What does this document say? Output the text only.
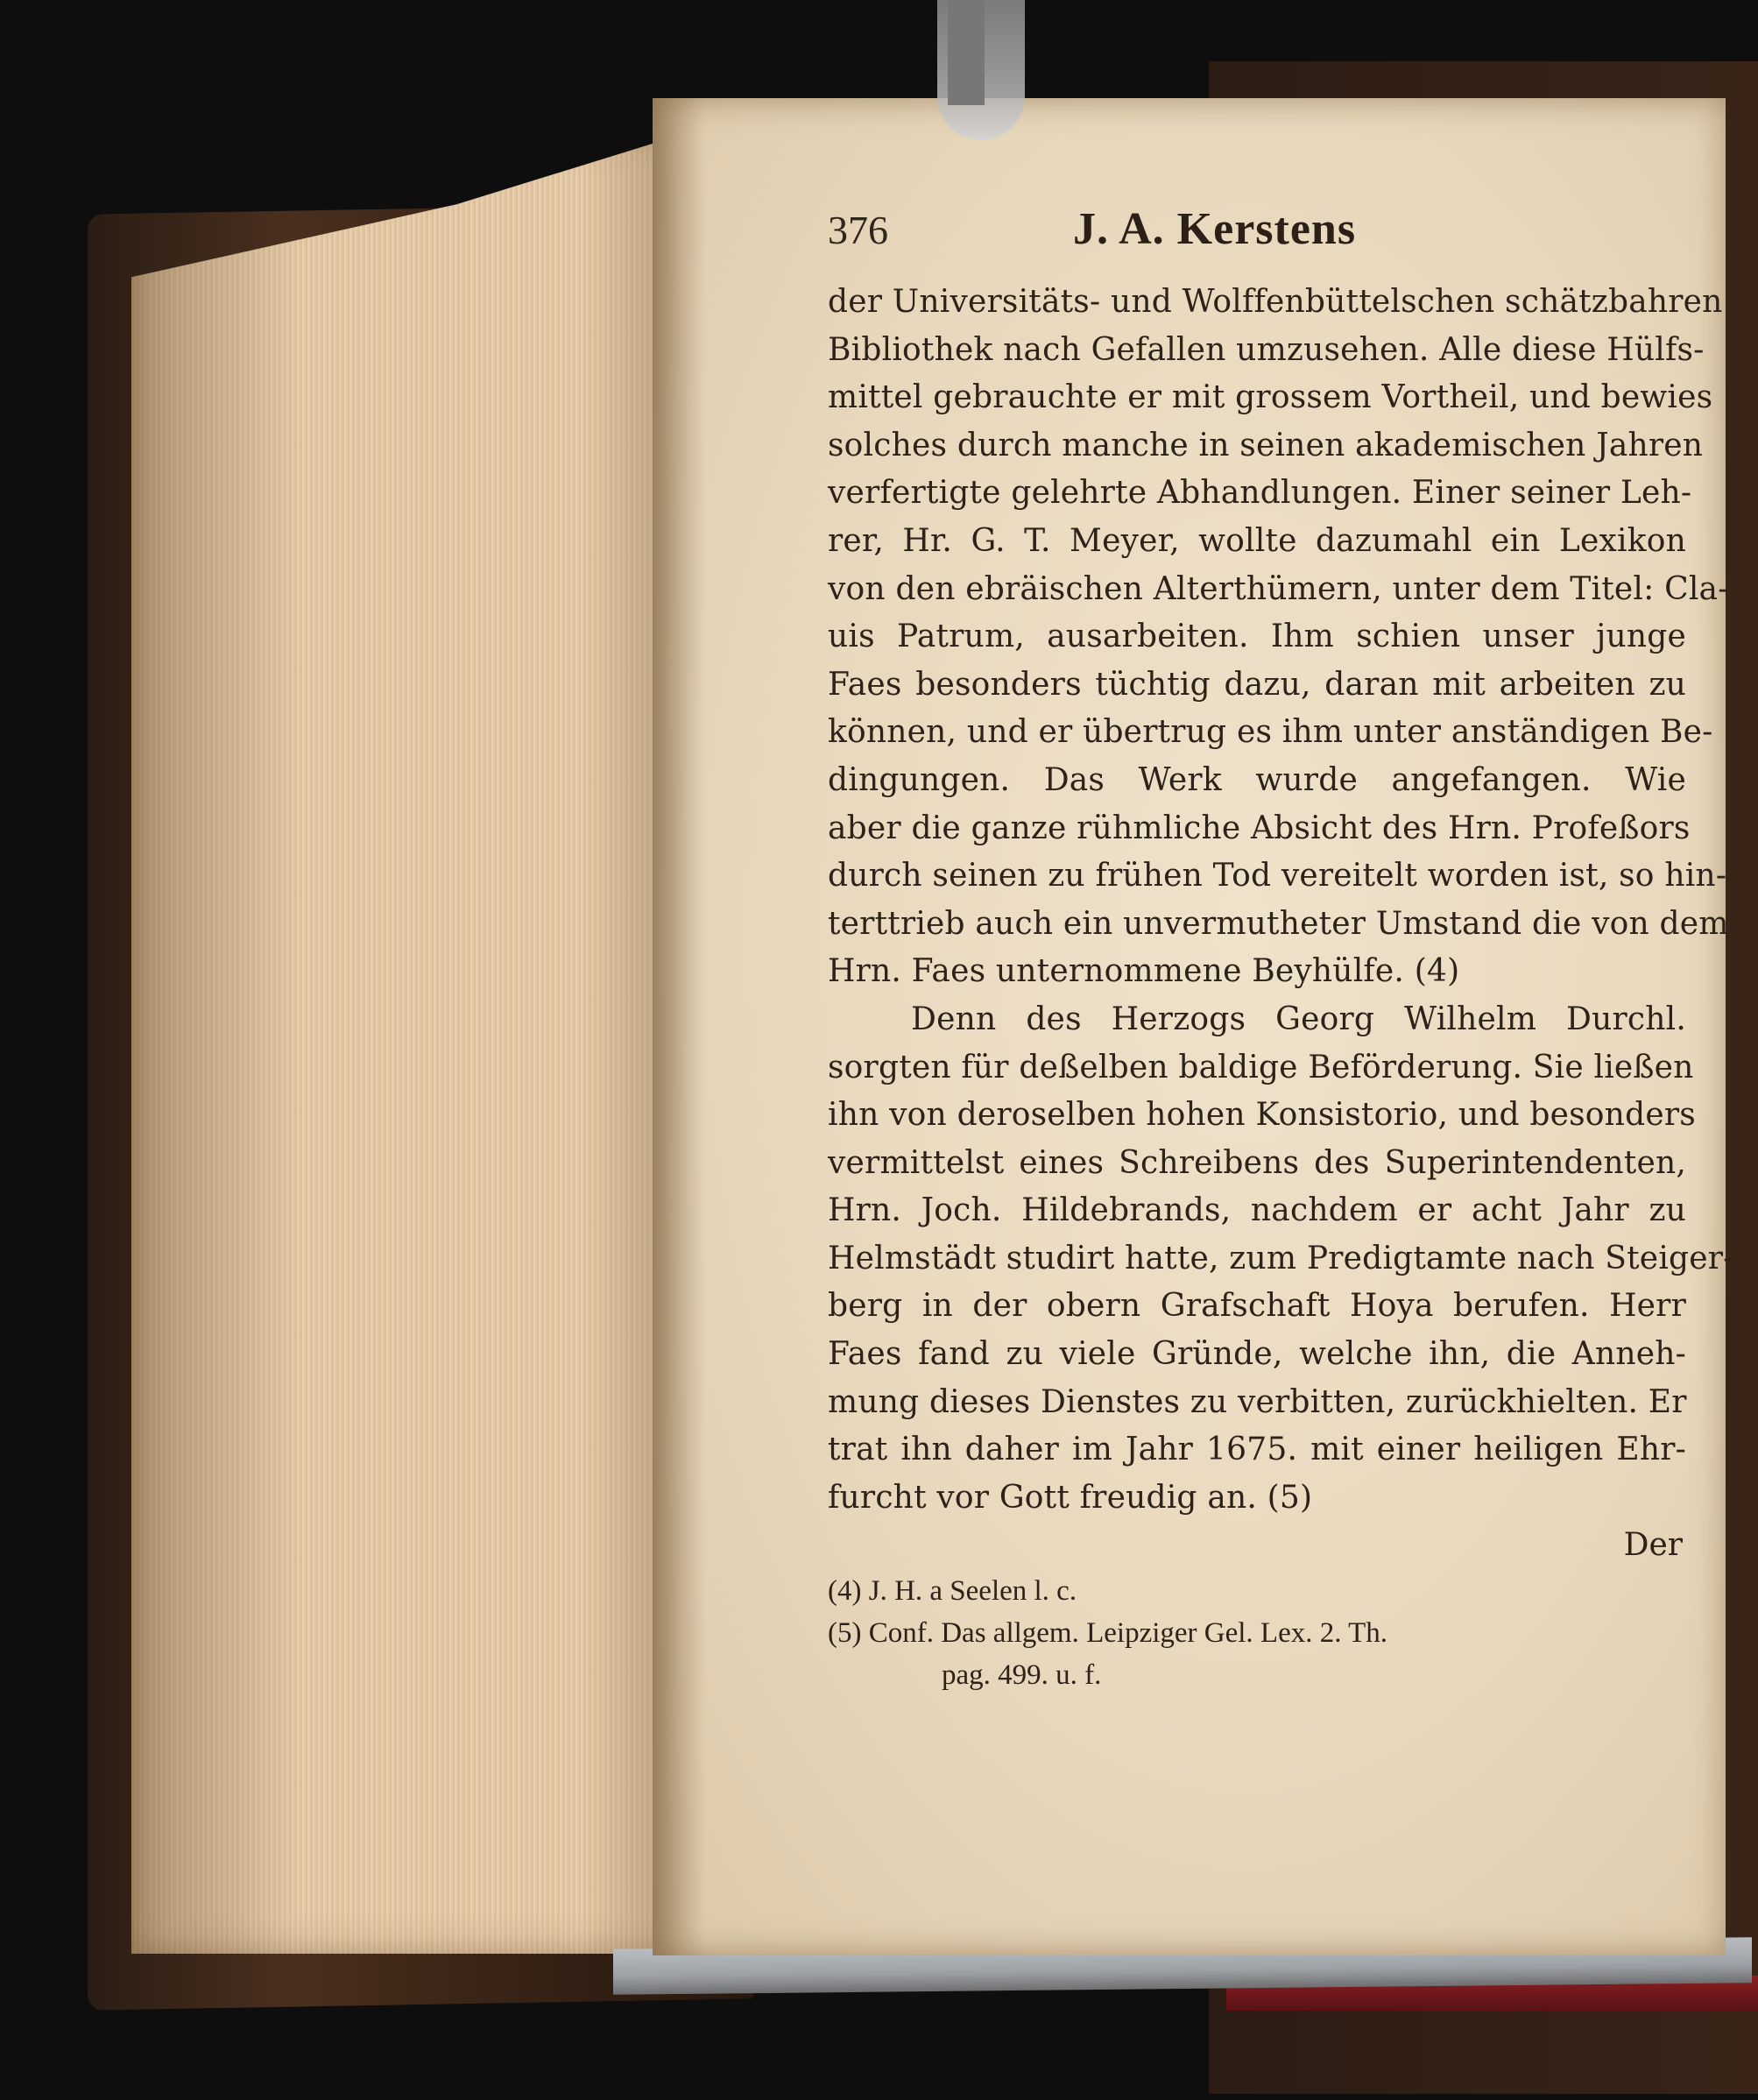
376	J. A. Kerstens
der Universitäts- und Wolffenbüttelschen schätzbahren
Bibliothek nach Gefallen umzusehen. Alle diese Hülfs-
mittel gebrauchte er mit grossem Vortheil, und bewies
solches durch manche in seinen akademischen Jahren
verfertigte gelehrte Abhandlungen. Einer seiner Leh-
rer, Hr. G. T. Meyer, wollte dazumahl ein Lexikon
von den ebräischen Alterthümern, unter dem Titel: Cla-
uis Patrum, ausarbeiten. Ihm schien unser junge
Faes besonders tüchtig dazu, daran mit arbeiten zu
können, und er übertrug es ihm unter anständigen Be-
dingungen. Das Werk wurde angefangen. Wie
aber die ganze rühmliche Absicht des Hrn. Profeßors
durch seinen zu frühen Tod vereitelt worden ist, so hin-
terttrieb auch ein unvermutheter Umstand die von dem
Hrn. Faes unternommene Beyhülfe. (4)
Denn des Herzogs Georg Wilhelm Durchl.
sorgten für deßelben baldige Beförderung. Sie ließen
ihn von deroselben hohen Konsistorio, und besonders
vermittelst eines Schreibens des Superintendenten,
Hrn. Joch. Hildebrands, nachdem er acht Jahr zu
Helmstädt studirt hatte, zum Predigtamte nach Steiger-
berg in der obern Grafschaft Hoya berufen. Herr
Faes fand zu viele Gründe, welche ihn, die Anneh-
mung dieses Dienstes zu verbitten, zurückhielten. Er
trat ihn daher im Jahr 1675. mit einer heiligen Ehr-
furcht vor Gott freudig an. (5)
Der
(4) J. H. a Seelen l. c.
(5) Conf. Das allgem. Leipziger Gel. Lex. 2. Th.
pag. 499. u. f.
